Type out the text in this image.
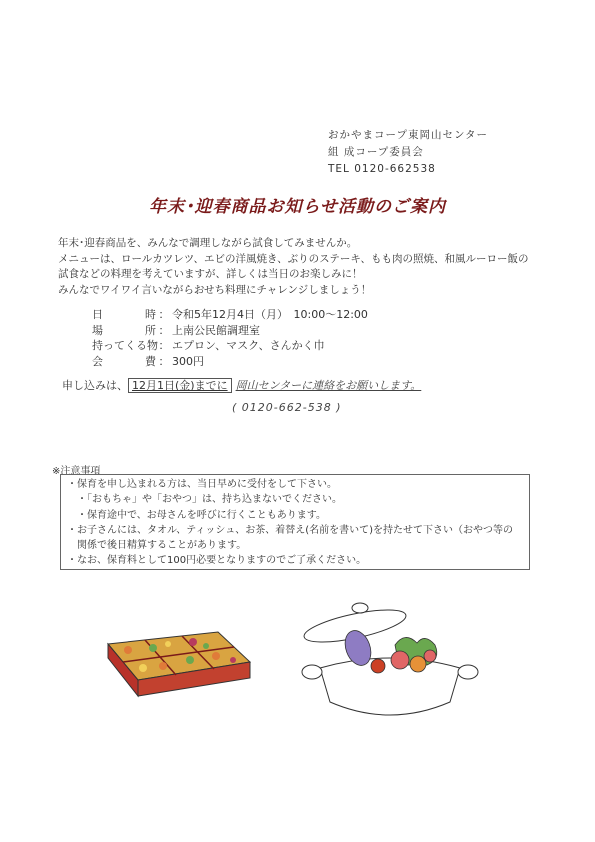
おかやまコープ東岡山センター
組 成コープ委員会
TEL 0120-662538
年末･迎春商品お知らせ活動のご案内
年末･迎春商品を、みんなで調理しながら試食してみませんか。
メニューは、ロールカツレツ、エビの洋風焼き、ぶりのステーキ、もも肉の照焼、和風ルーロー飯の
試食などの料理を考えていますが、詳しくは当日のお楽しみに！
みんなでワイワイ言いながらおせち料理にチャレンジしましょう！
日	時 ： 令和5年12月4日（月）　10:00～12:00
場	所 ： 上南公民館調理室
持ってくる物 ： エプロン、マスク、さんかく巾
会	費 ： 300円
申し込みは、 12月1日(金)までに 岡山センターに連絡をお願いします。
( 0120-662-538 )
※注意事項
・保育を申し込まれる方は、当日早めに受付をして下さい。
・「おもちゃ」や「おやつ」は、持ち込まないでください。
・保育途中で、お母さんを呼びに行くこともあります。
・お子さんには、タオル、ティッシュ、お茶、着替え(名前を書いて)を持たせて下さい（おやつ等の
関係で後日精算することがあります。
・なお、保育料として100円必要となりますのでご了承ください。
